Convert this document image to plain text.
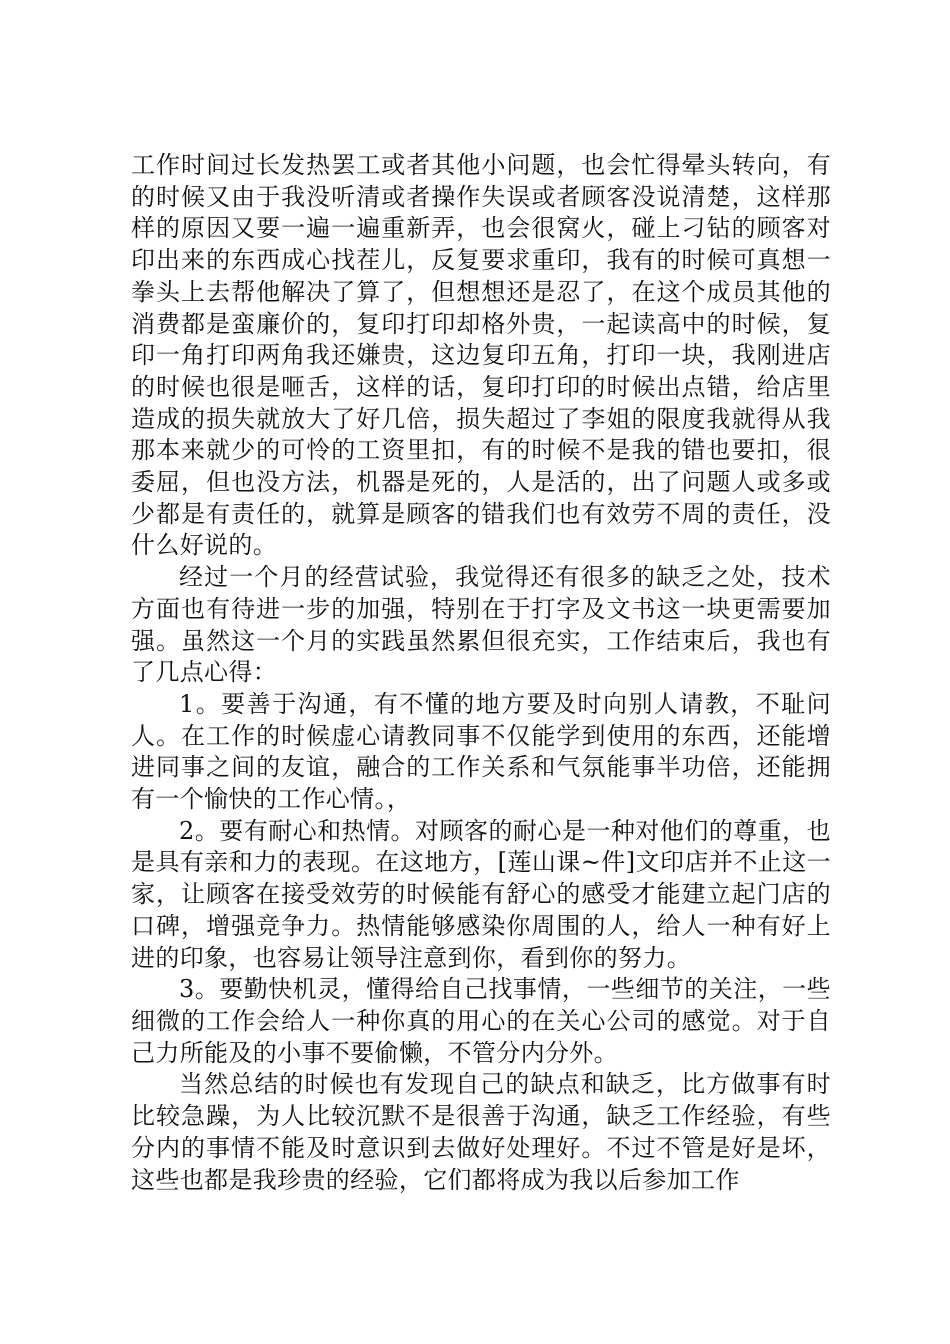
工作时间过长发热罢工或者其他小问题，也会忙得晕头转向，有的时候又由于我没听清或者操作失误或者顾客没说清楚，这样那样的原因又要一遍一遍重新弄，也会很窝火，碰上刁钻的顾客对印出来的东西成心找茬儿，反复要求重印，我有的时候可真想一拳头上去帮他解决了算了，但想想还是忍了，在这个成员其他的消费都是蛮廉价的，复印打印却格外贵，一起读高中的时候，复印一角打印两角我还嫌贵，这边复印五角，打印一块，我刚进店的时候也很是咂舌，这样的话，复印打印的时候出点错，给店里造成的损失就放大了好几倍，损失超过了李姐的限度我就得从我那本来就少的可怜的工资里扣，有的时候不是我的错也要扣，很委屈，但也没方法，机器是死的，人是活的，出了问题人或多或少都是有责任的，就算是顾客的错我们也有效劳不周的责任，没什么好说的。

经过一个月的经营试验，我觉得还有很多的缺乏之处，技术方面也有待进一步的加强，特别在于打字及文书这一块更需要加强。虽然这一个月的实践虽然累但很充实，工作结束后，我也有了几点心得：

1。要善于沟通，有不懂的地方要及时向别人请教，不耻问人。在工作的时候虚心请教同事不仅能学到使用的东西，还能增进同事之间的友谊，融合的工作关系和气氛能事半功倍，还能拥有一个愉快的工作心情。，

2。要有耐心和热情。对顾客的耐心是一种对他们的尊重，也是具有亲和力的表现。在这地方，[莲山课~件]文印店并不止这一家，让顾客在接受效劳的时候能有舒心的感受才能建立起门店的口碑，增强竞争力。热情能够感染你周围的人，给人一种有好上进的印象，也容易让领导注意到你，看到你的努力。

3。要勤快机灵，懂得给自己找事情，一些细节的关注，一些细微的工作会给人一种你真的用心的在关心公司的感觉。对于自己力所能及的小事不要偷懒，不管分内分外。

当然总结的时候也有发现自己的缺点和缺乏，比方做事有时比较急躁，为人比较沉默不是很善于沟通，缺乏工作经验，有些分内的事情不能及时意识到去做好处理好。不过不管是好是坏，这些也都是我珍贵的经验，它们都将成为我以后参加工作
